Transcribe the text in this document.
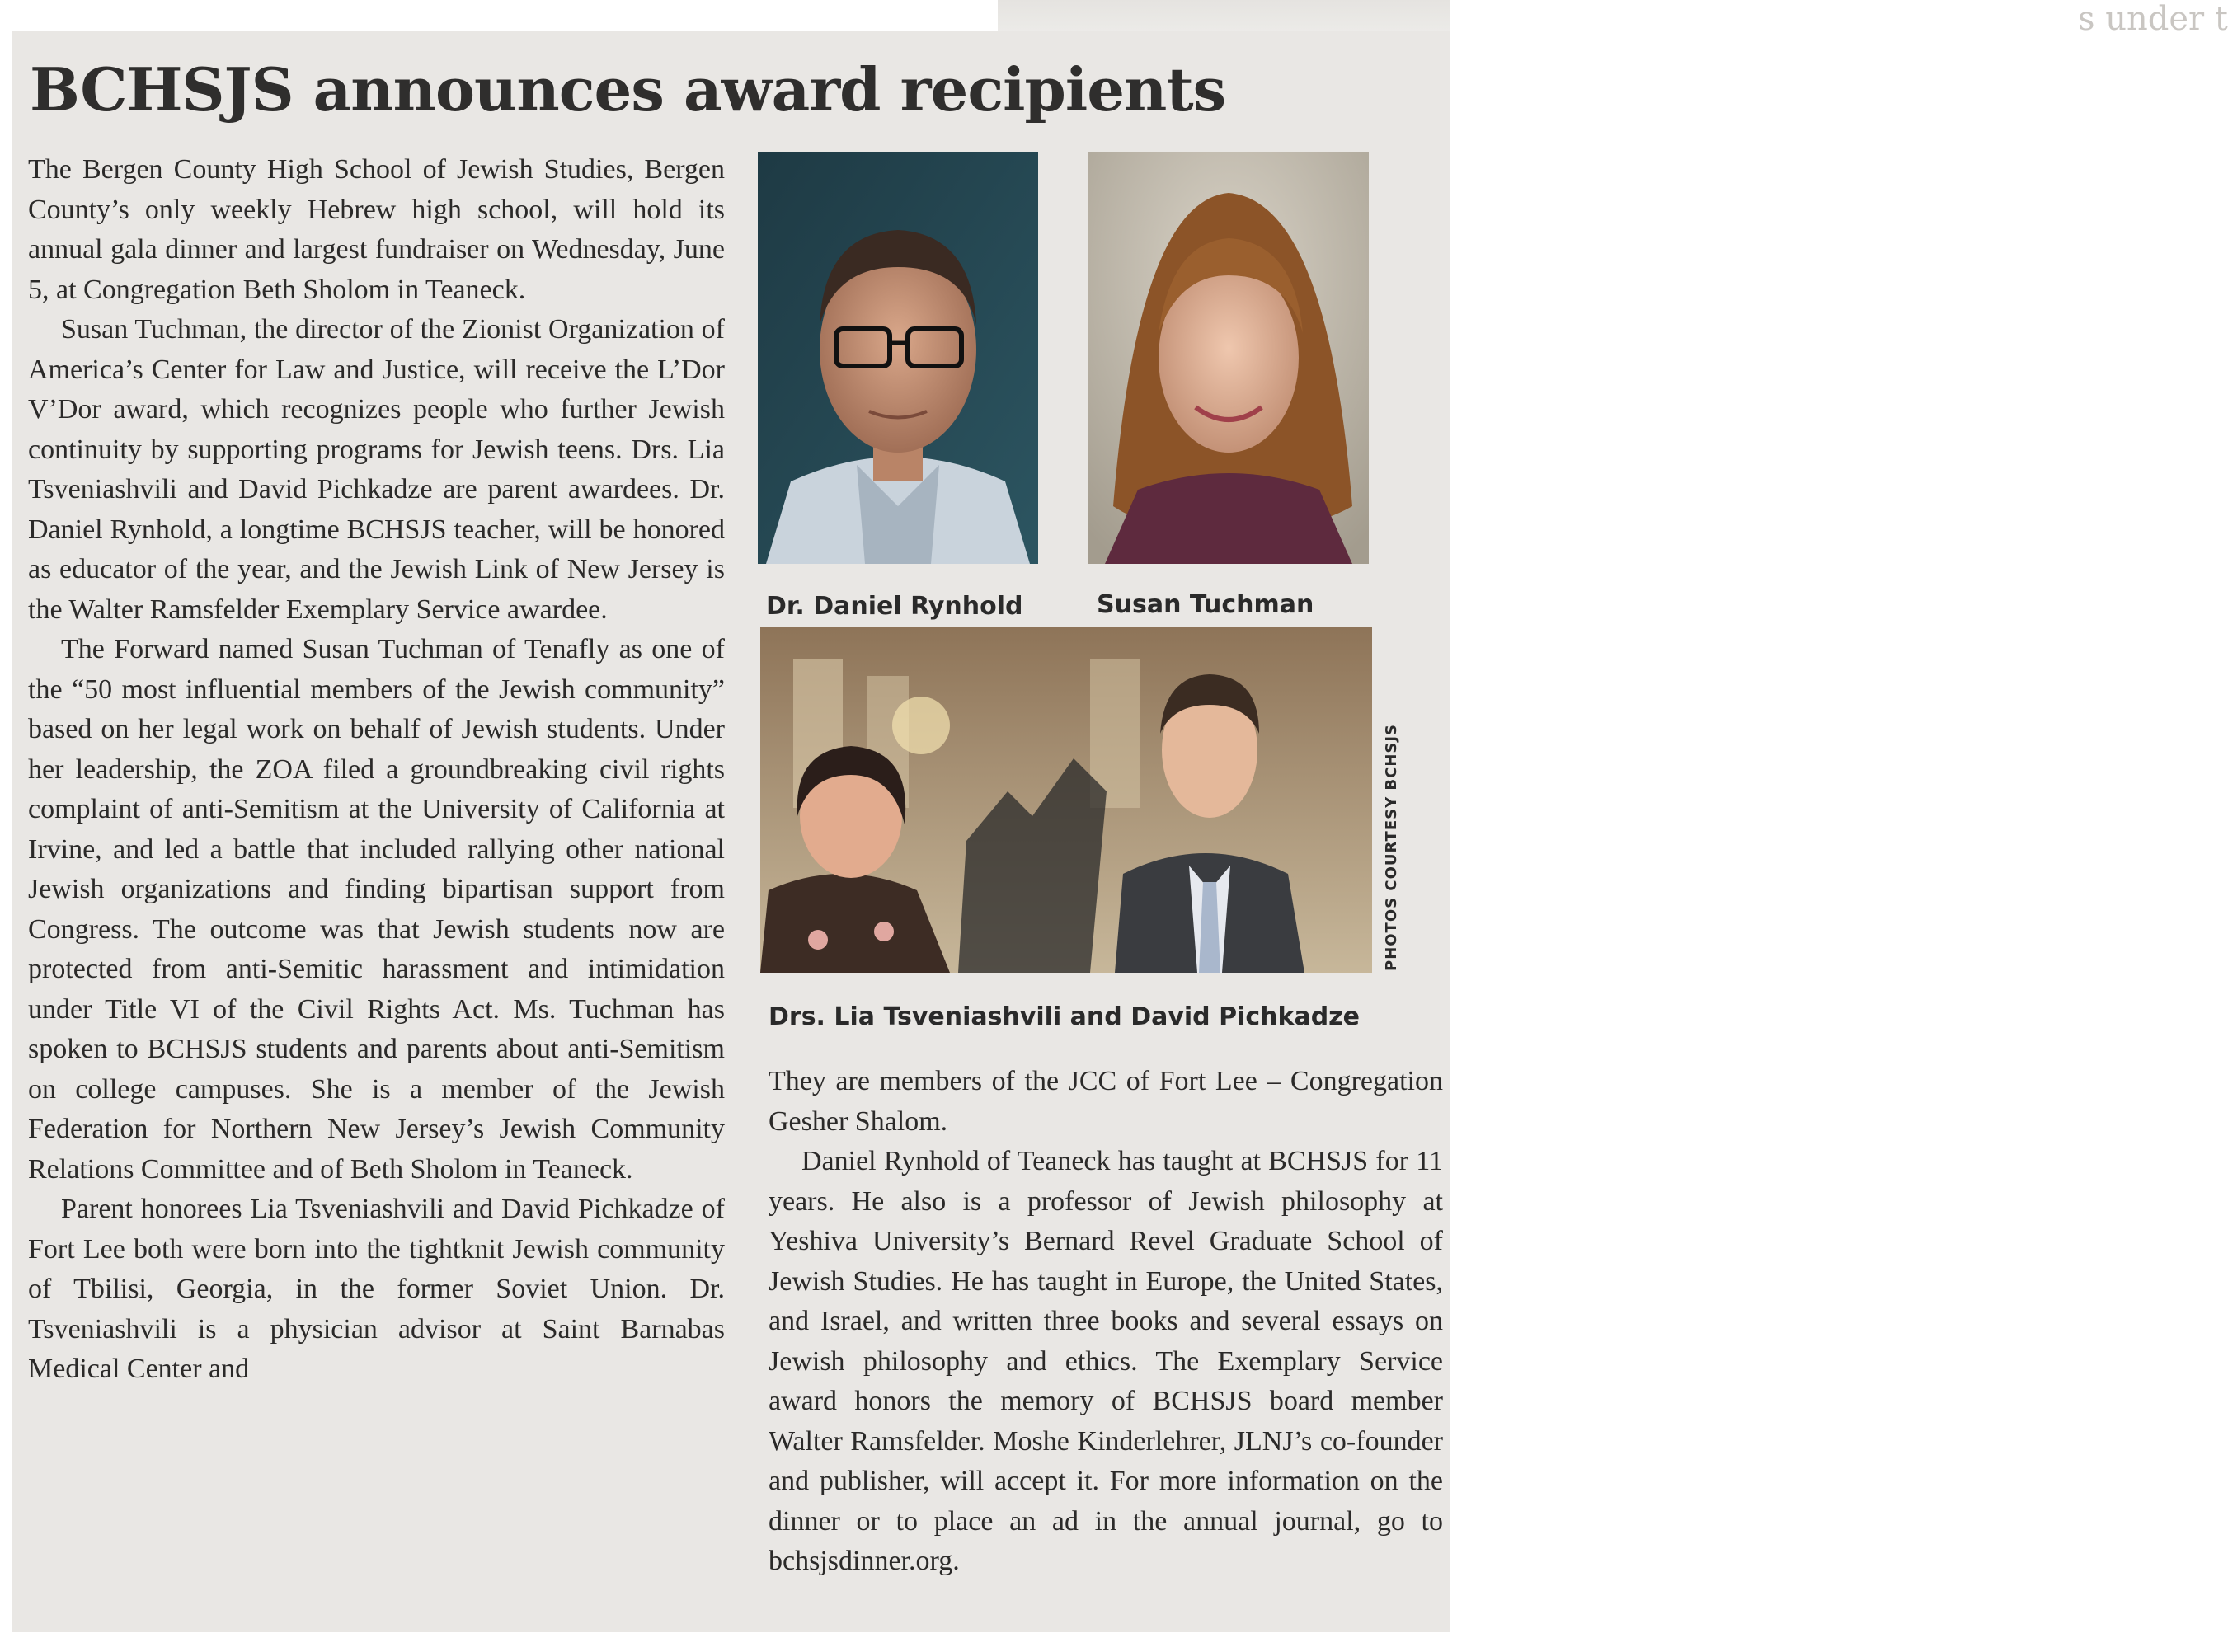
s under t
BCHSJS announces award recipients

The Bergen County High School of Jewish Studies, Bergen County’s only weekly Hebrew high school, will hold its annual gala dinner and largest fundraiser on Wednesday, June 5, at Congregation Beth Sholom in Teaneck.

Susan Tuchman, the director of the Zionist Organization of America’s Center for Law and Justice, will receive the L’Dor V’Dor award, which recognizes people who further Jewish continuity by supporting programs for Jewish teens. Drs. Lia Tsveniashvili and David Pichkadze are parent awardees. Dr. Daniel Rynhold, a longtime BCHSJS teacher, will be honored as educator of the year, and the Jewish Link of New Jersey is the Walter Ramsfelder Exemplary Service awardee.

The Forward named Susan Tuchman of Tenafly as one of the “50 most influential members of the Jewish community” based on her legal work on behalf of Jewish students. Under her leadership, the ZOA filed a groundbreaking civil rights complaint of anti-Semitism at the University of California at Irvine, and led a battle that included rallying other national Jewish organizations and finding bipartisan support from Congress. The outcome was that Jewish students now are protected from anti-Semitic harassment and intimidation under Title VI of the Civil Rights Act. Ms. Tuchman has spoken to BCHSJS students and parents about anti-Semitism on college campuses. She is a member of the Jewish Federation for Northern New Jersey’s Jewish Community Relations Committee and of Beth Sholom in Teaneck.

Parent honorees Lia Tsveniashvili and David Pichkadze of Fort Lee both were born into the tightknit Jewish community of Tbilisi, Georgia, in the former Soviet Union. Dr. Tsveniashvili is a physician advisor at Saint Barnabas Medical Center and

Dr. Daniel Rynhold	Susan Tuchman
Drs. Lia Tsveniashvili and David Pichkadze
PHOTOS COURTESY BCHSJS

They are members of the JCC of Fort Lee – Congregation Gesher Shalom.

Daniel Rynhold of Teaneck has taught at BCHSJS for 11 years. He also is a professor of Jewish philosophy at Yeshiva University’s Bernard Revel Graduate School of Jewish Studies. He has taught in Europe, the United States, and Israel, and written three books and several essays on Jewish philosophy and ethics. The Exemplary Service award honors the memory of BCHSJS board member Walter Ramsfelder. Moshe Kinderlehrer, JLNJ’s co-founder and publisher, will accept it. For more information on the dinner or to place an ad in the annual journal, go to bchsjsdinner.org.
